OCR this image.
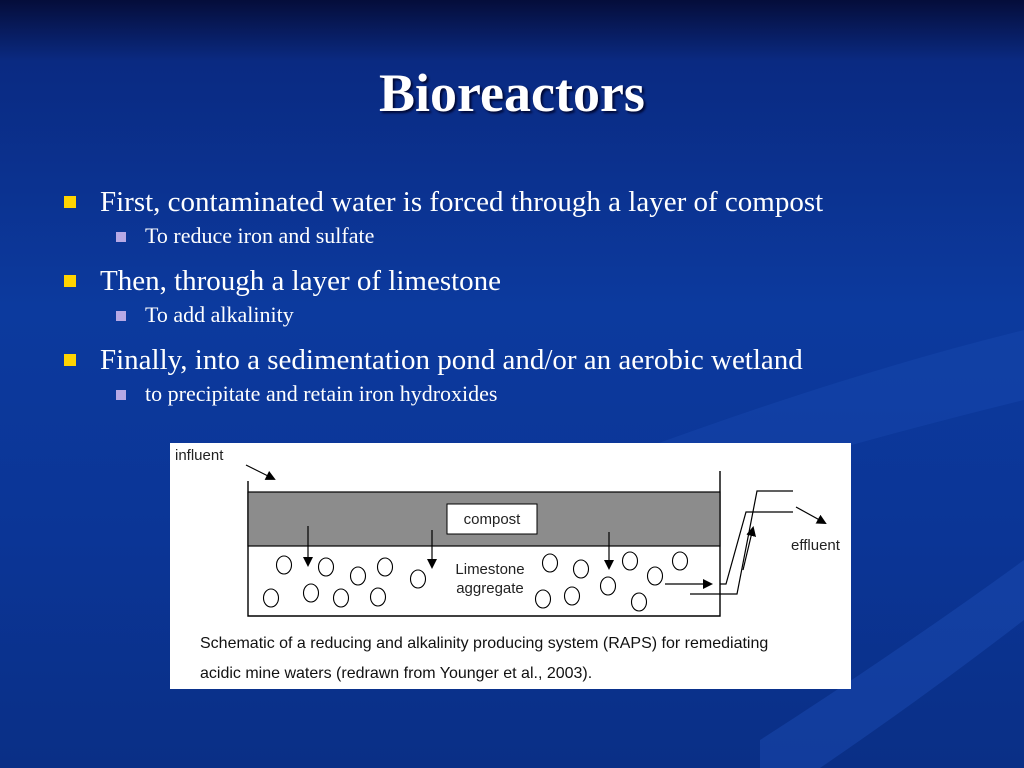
Bioreactors
First, contaminated water is forced through a layer of compost
To reduce iron and sulfate
Then, through a layer of limestone
To add alkalinity
Finally, into a sedimentation pond and/or an aerobic wetland
to precipitate and retain iron hydroxides
influent
compost
Limestone
aggregate
effluent
Schematic of a reducing and alkalinity producing system (RAPS) for remediating
acidic mine waters (redrawn from Younger et al., 2003).
